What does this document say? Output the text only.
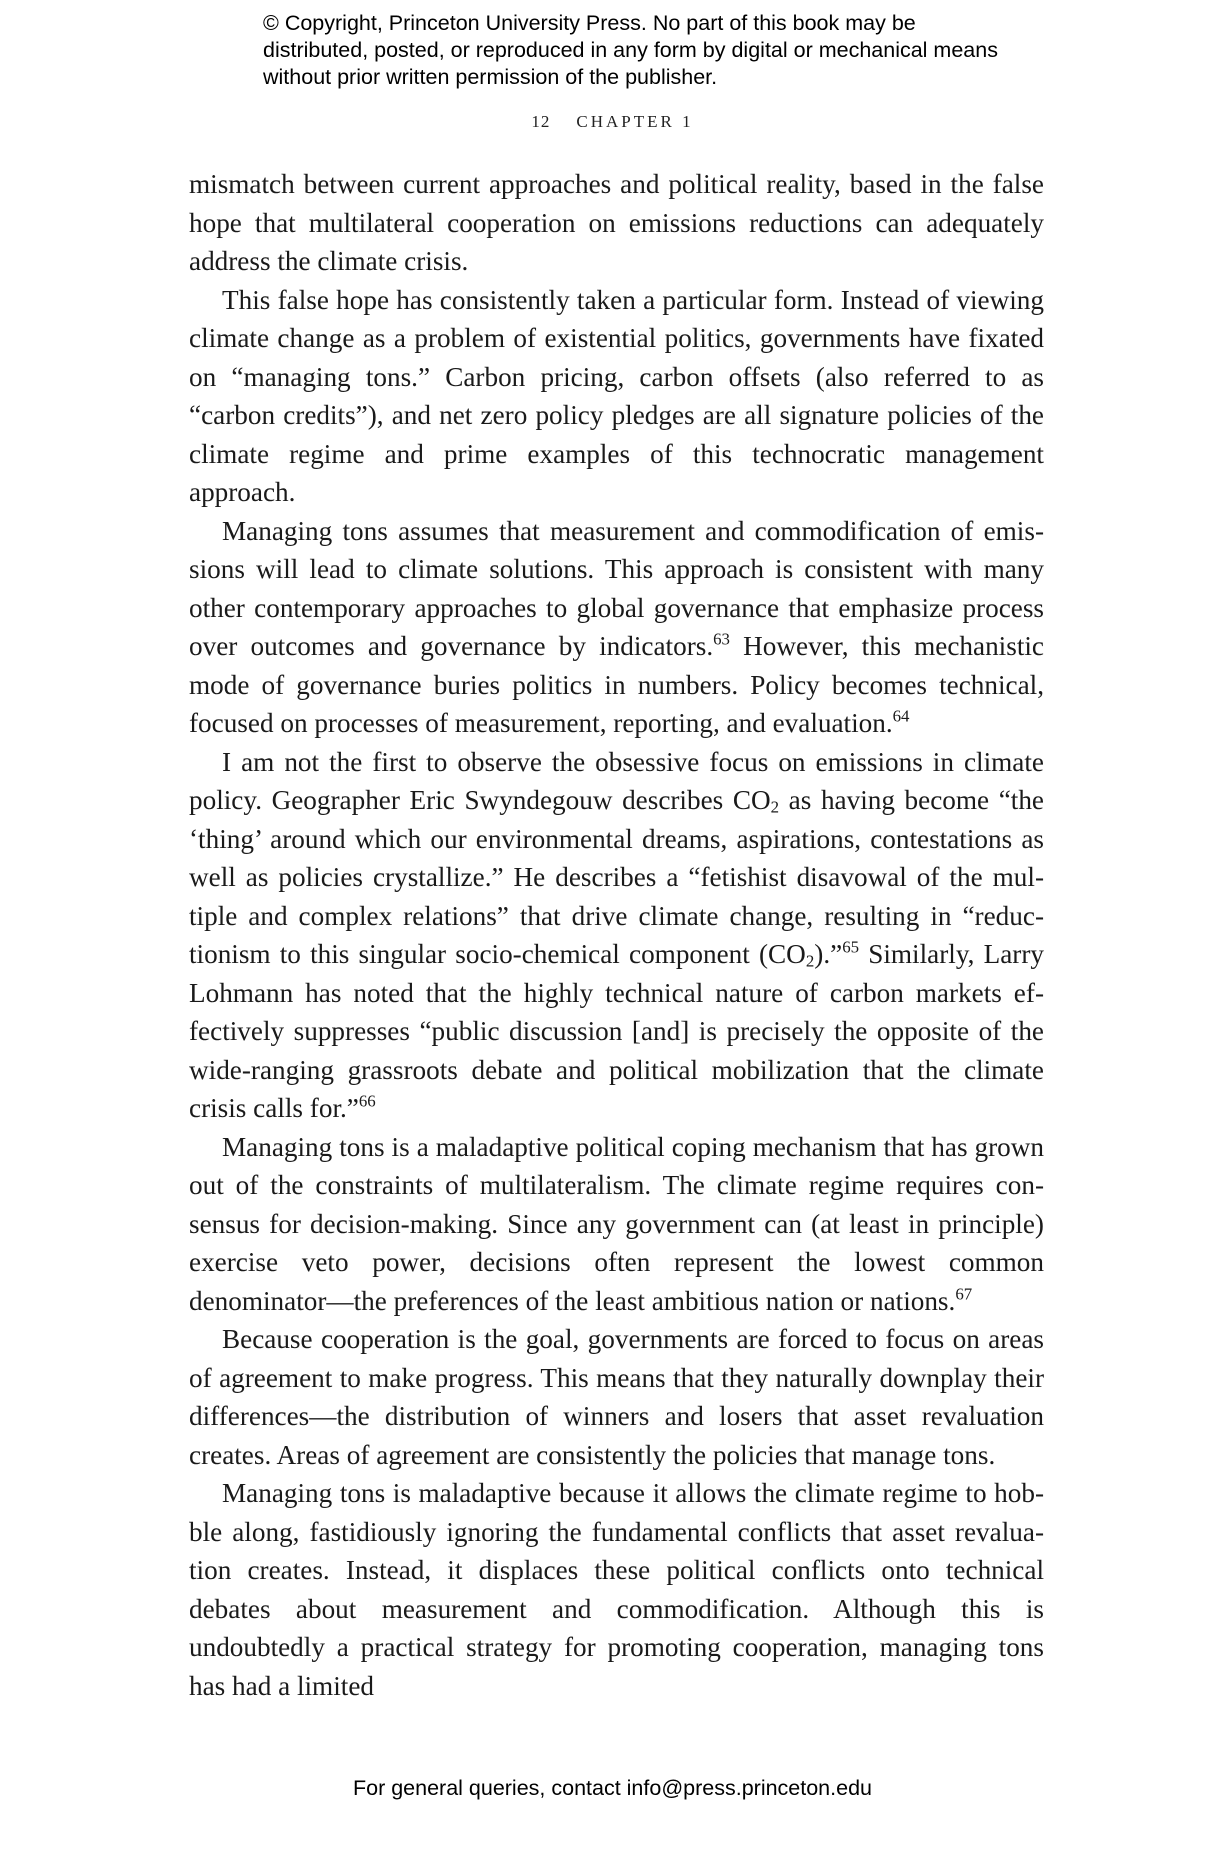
© Copyright, Princeton University Press. No part of this book may be distributed, posted, or reproduced in any form by digital or mechanical means without prior written permission of the publisher.
12 CHAPTER 1

mismatch between current approaches and political reality, based in the false hope that multilateral cooperation on emissions reductions can adequately address the climate crisis.

This false hope has consistently taken a particular form. Instead of viewing climate change as a problem of existential politics, governments have fixated on “managing tons.” Carbon pricing, carbon offsets (also referred to as “carbon credits”), and net zero policy pledges are all signature policies of the climate regime and prime examples of this technocratic management approach.

Managing tons assumes that measurement and commodification of emissions will lead to climate solutions. This approach is consistent with many other contemporary approaches to global governance that emphasize process over outcomes and governance by indicators.$^{63}$ However, this mechanistic mode of governance buries politics in numbers. Policy becomes technical, focused on processes of measurement, reporting, and evaluation.$^{64}$

I am not the first to observe the obsessive focus on emissions in climate policy. Geographer Eric Swyndegouw describes $CO_2$ as having become “the ‘thing’ around which our environmental dreams, aspirations, contestations as well as policies crystallize.” He describes a “fetishist disavowal of the multiple and complex relations” that drive climate change, resulting in “reductionism to this singular socio-chemical component $(CO_2).”^{65}$ Similarly, Larry Lohmann has noted that the highly technical nature of carbon markets effectively suppresses “public discussion [and] is precisely the opposite of the wide-ranging grassroots debate and political mobilization that the climate crisis calls for.”$^{66}$

Managing tons is a maladaptive political coping mechanism that has grown out of the constraints of multilateralism. The climate regime requires consensus for decision-making. Since any government can (at least in principle) exercise veto power, decisions often represent the lowest common denominator—the preferences of the least ambitious nation or nations.$^{67}$

Because cooperation is the goal, governments are forced to focus on areas of agreement to make progress. This means that they naturally downplay their differences—the distribution of winners and losers that asset revaluation creates. Areas of agreement are consistently the policies that manage tons.

Managing tons is maladaptive because it allows the climate regime to hobble along, fastidiously ignoring the fundamental conflicts that asset revaluation creates. Instead, it displaces these political conflicts onto technical debates about measurement and commodification. Although this is undoubtedly a practical strategy for promoting cooperation, managing tons has had a limited

For general queries, contact info@press.princeton.edu
